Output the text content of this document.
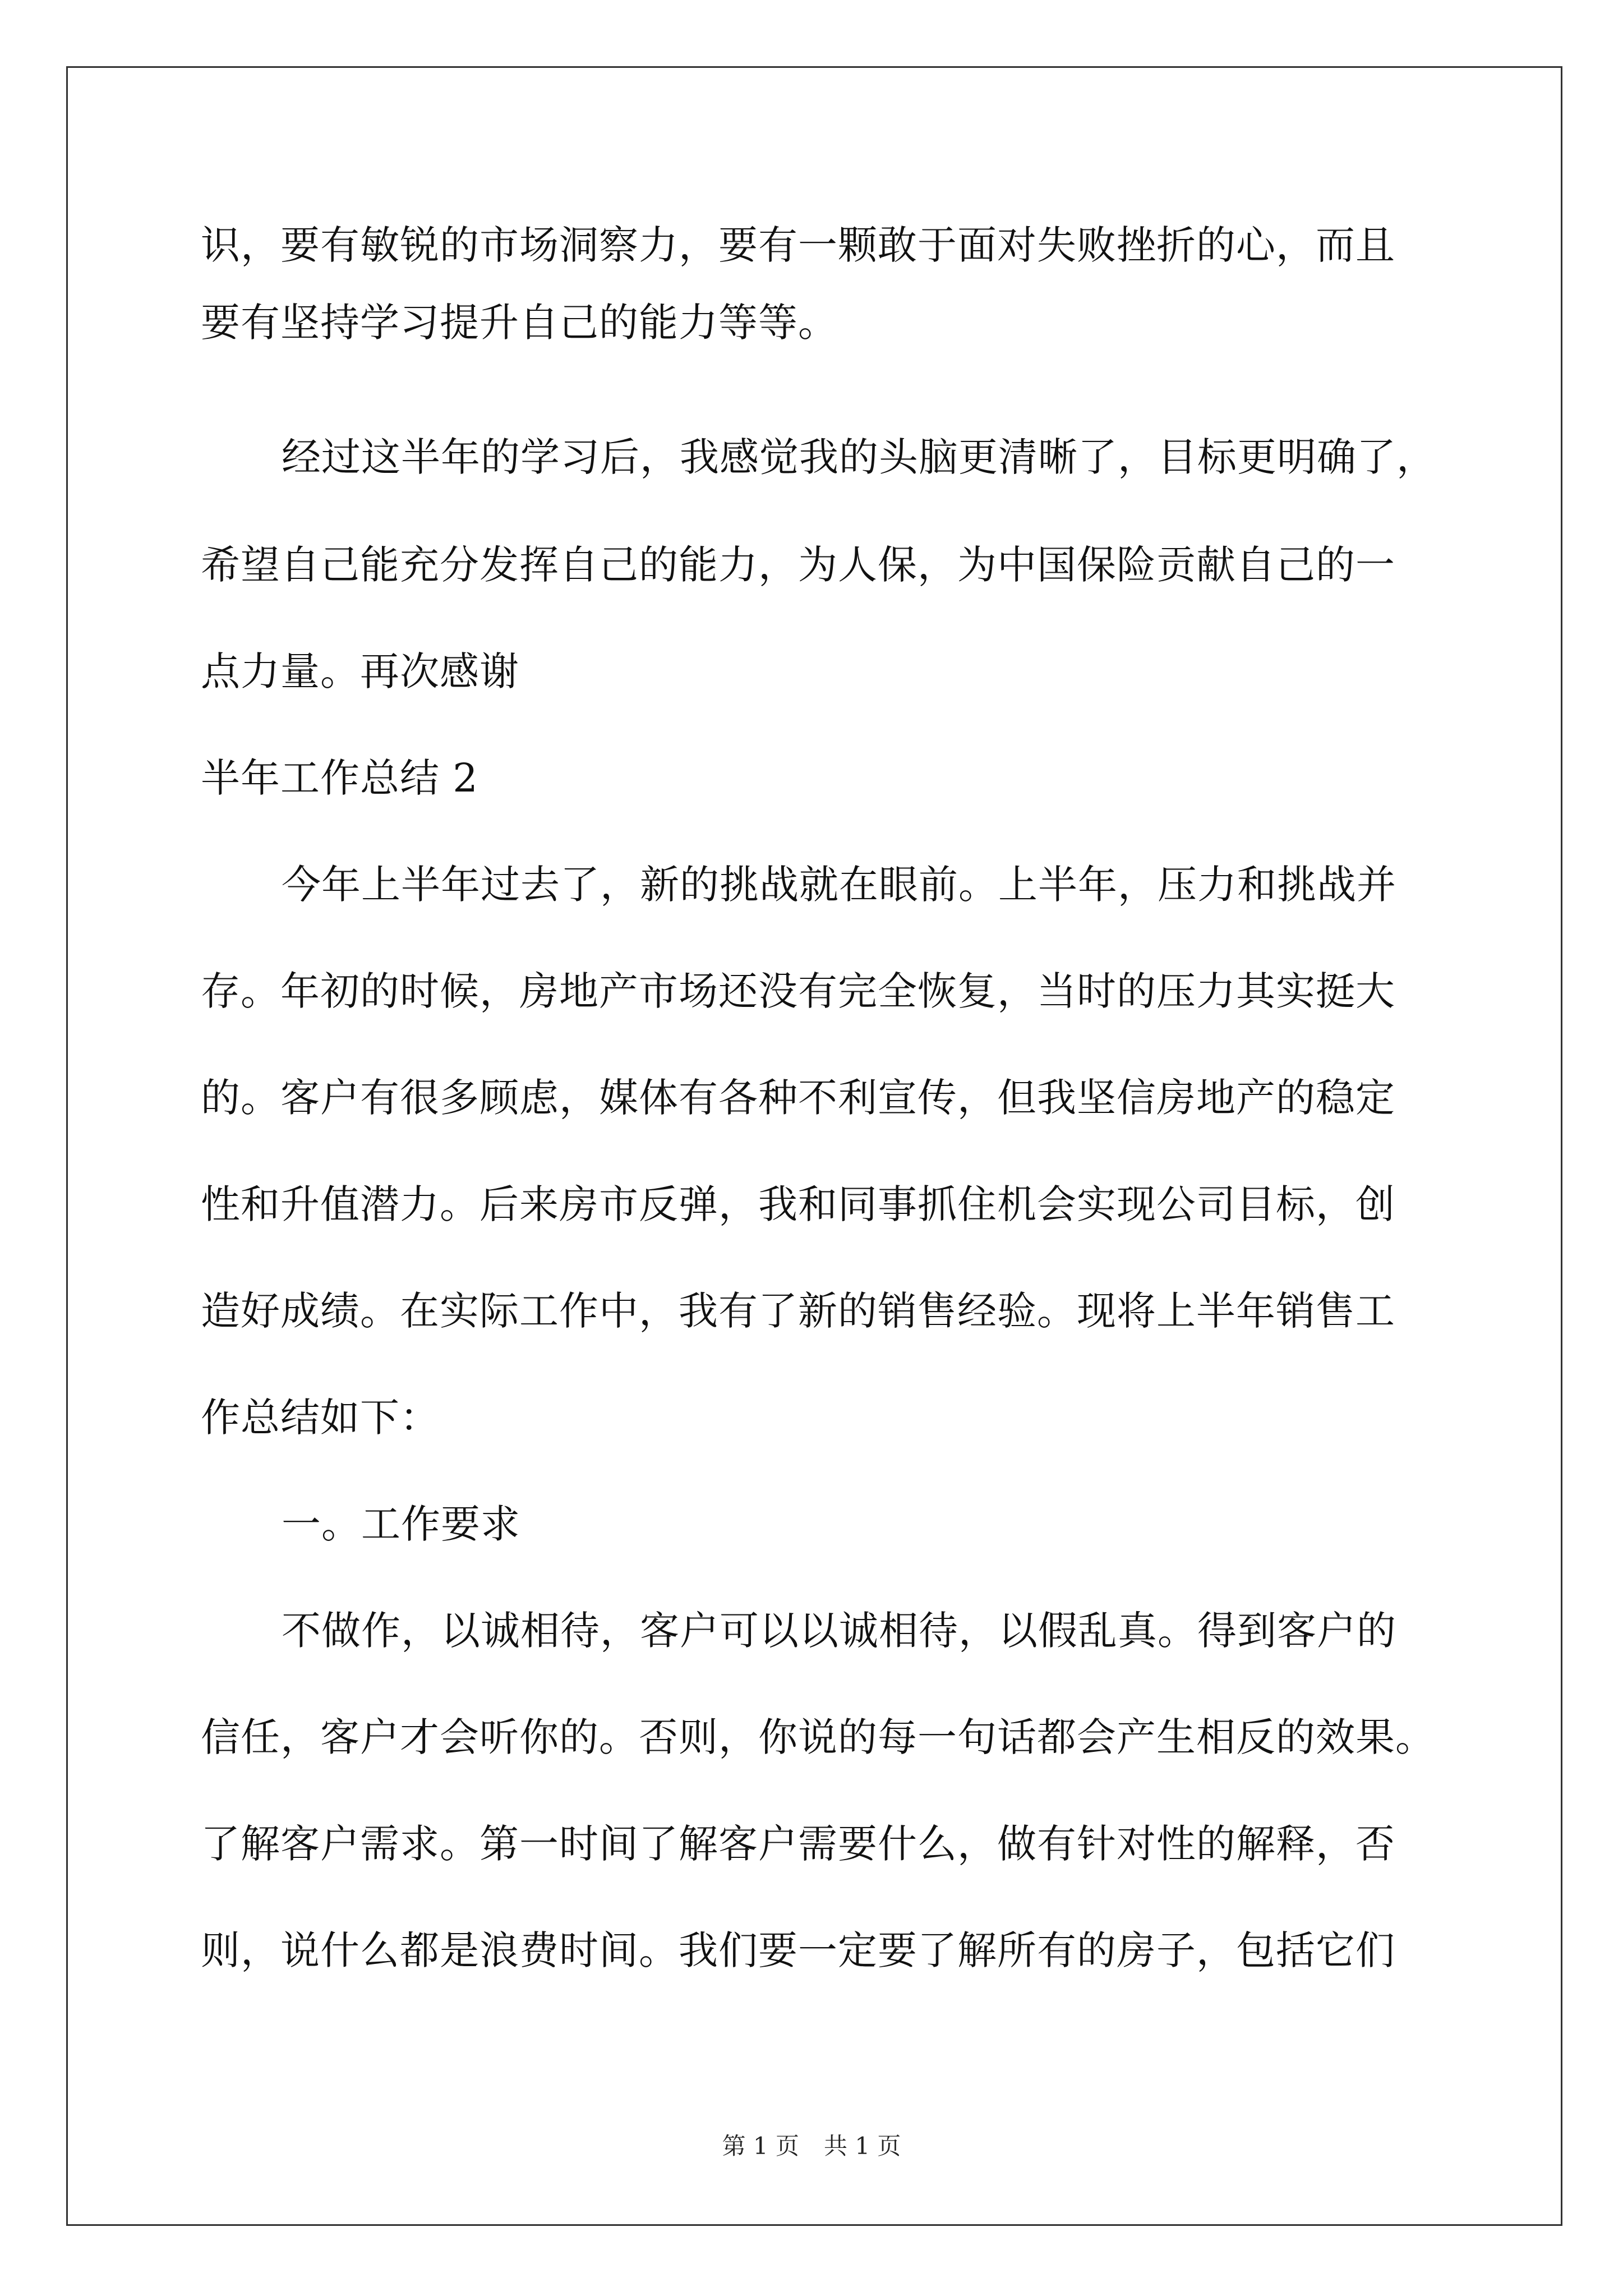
识，要有敏锐的市场洞察力，要有一颗敢于面对失败挫折的心，而且
要有坚持学习提升自己的能力等等。
经过这半年的学习后，我感觉我的头脑更清晰了，目标更明确了，
希望自己能充分发挥自己的能力，为人保，为中国保险贡献自己的一
点力量。再次感谢
半年工作总结 2
今年上半年过去了，新的挑战就在眼前。上半年，压力和挑战并
存。年初的时候，房地产市场还没有完全恢复，当时的压力其实挺大
的。客户有很多顾虑，媒体有各种不利宣传，但我坚信房地产的稳定
性和升值潜力。后来房市反弹，我和同事抓住机会实现公司目标，创
造好成绩。在实际工作中，我有了新的销售经验。现将上半年销售工
作总结如下：
一。工作要求
不做作，以诚相待，客户可以以诚相待，以假乱真。得到客户的
信任，客户才会听你的。否则，你说的每一句话都会产生相反的效果。
了解客户需求。第一时间了解客户需要什么，做有针对性的解释，否
则，说什么都是浪费时间。我们要一定要了解所有的房子，包括它们
第 1 页 共 1 页
